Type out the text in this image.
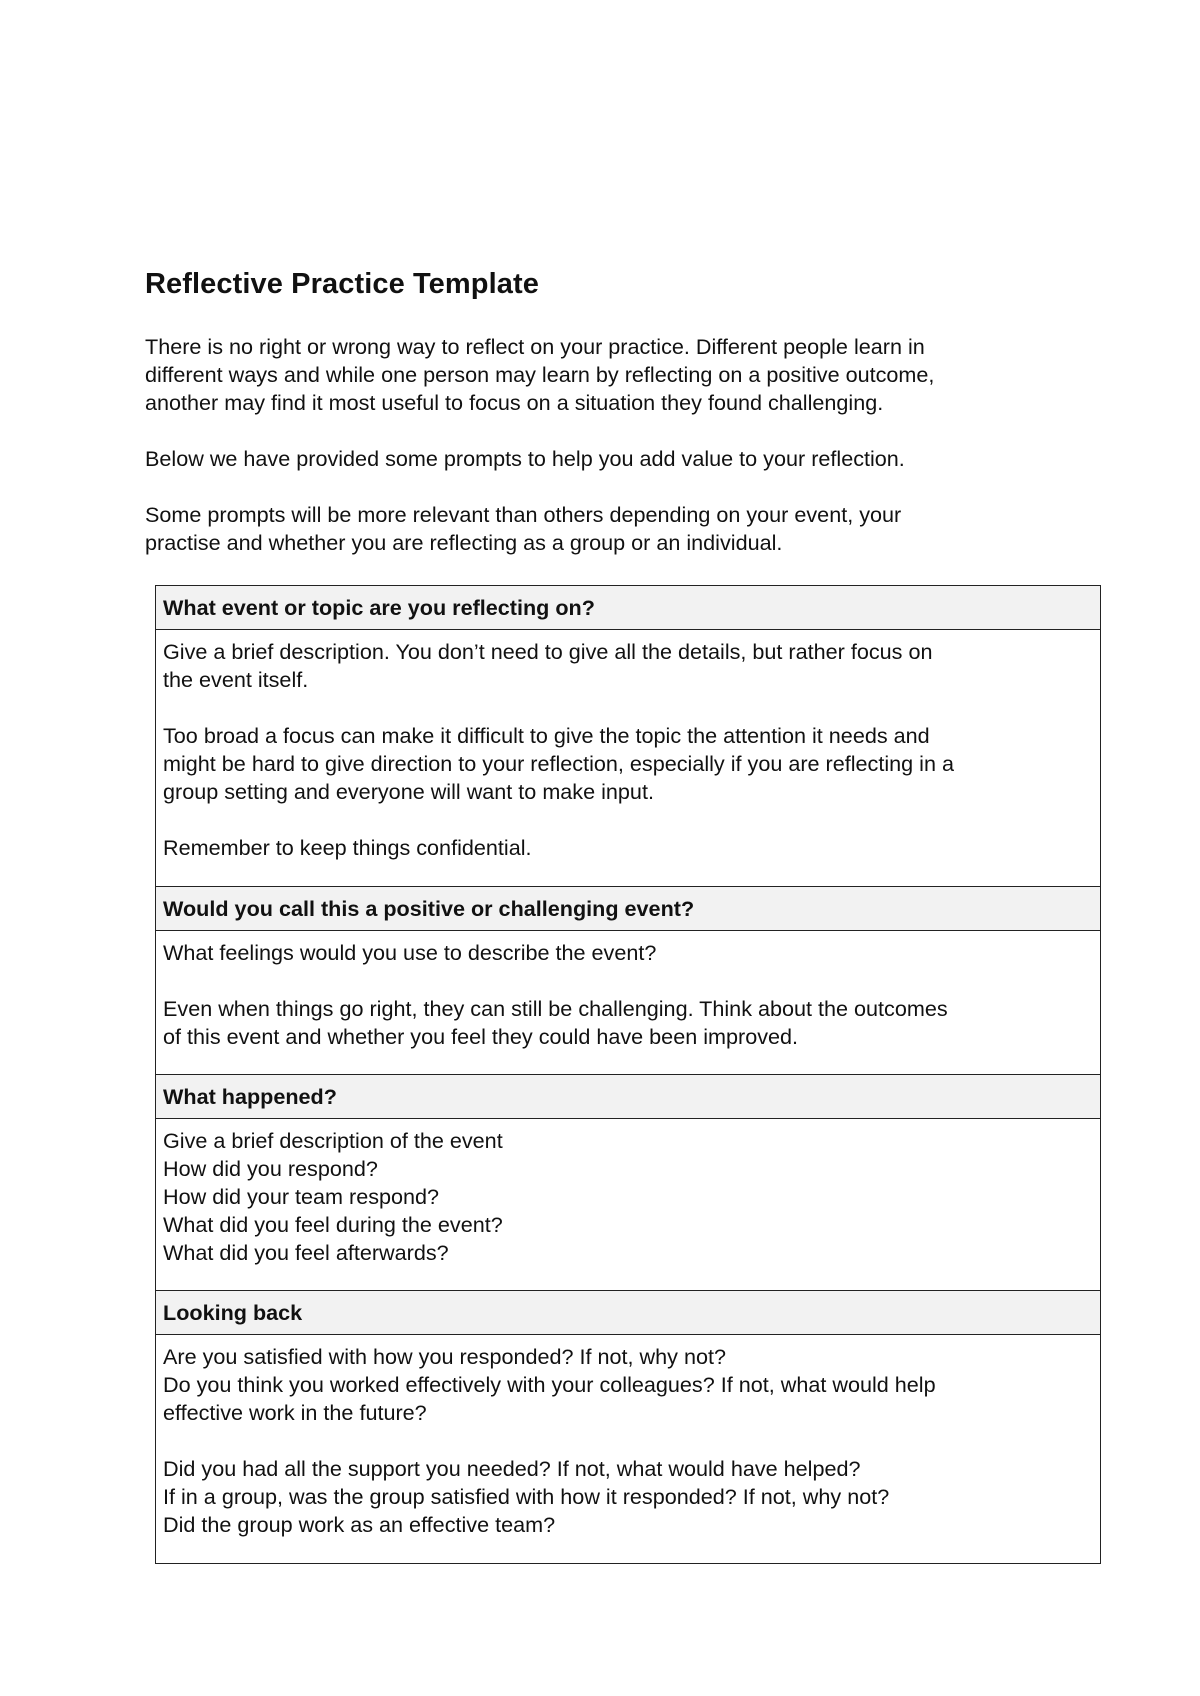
Reflective Practice Template

There is no right or wrong way to reflect on your practice. Different people learn in
different ways and while one person may learn by reflecting on a positive outcome,
another may find it most useful to focus on a situation they found challenging.

Below we have provided some prompts to help you add value to your reflection.

Some prompts will be more relevant than others depending on your event, your
practise and whether you are reflecting as a group or an individual.

What event or topic are you reflecting on?
Give a brief description. You don’t need to give all the details, but rather focus on
the event itself.
Too broad a focus can make it difficult to give the topic the attention it needs and
might be hard to give direction to your reflection, especially if you are reflecting in a
group setting and everyone will want to make input.
Remember to keep things confidential.
Would you call this a positive or challenging event?
What feelings would you use to describe the event?
Even when things go right, they can still be challenging. Think about the outcomes
of this event and whether you feel they could have been improved.
What happened?
Give a brief description of the event
How did you respond?
How did your team respond?
What did you feel during the event?
What did you feel afterwards?
Looking back
Are you satisfied with how you responded? If not, why not?
Do you think you worked effectively with your colleagues? If not, what would help
effective work in the future?
Did you had all the support you needed? If not, what would have helped?
If in a group, was the group satisfied with how it responded? If not, why not?
Did the group work as an effective team?
